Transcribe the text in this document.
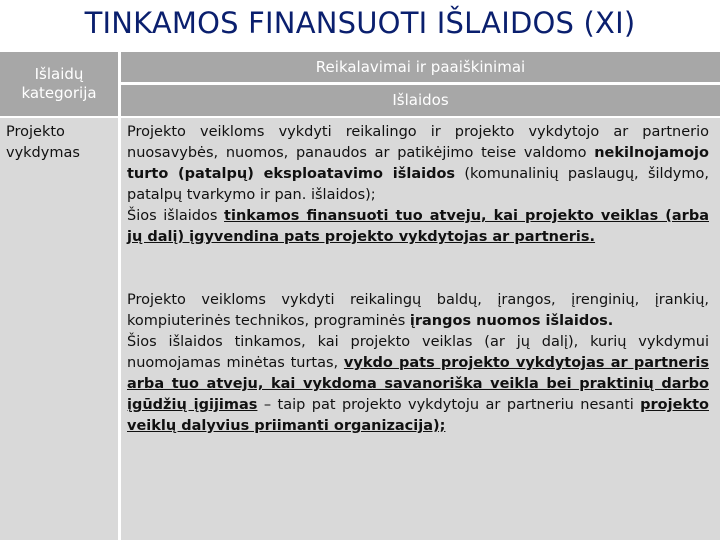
TINKAMOS FINANSUOTI IŠLAIDOS (XI)
Išlaidų
kategorija
Reikalavimai ir paaiškinimai
Išlaidos
Projekto vykdymas
Projekto veikloms vykdyti reikalingo ir projekto vykdytojo ar partnerio nuosavybės, nuomos, panaudos ar patikėjimo teise valdomo nekilnojamojo turto (patalpų) eksploatavimo išlaidos (komunalinių paslaugų, šildymo, patalpų tvarkymo ir pan. išlaidos);
Šios išlaidos tinkamos finansuoti tuo atveju, kai projekto veiklas (arba jų dalį) įgyvendina pats projekto vykdytojas ar partneris.
Projekto veikloms vykdyti reikalingų baldų, įrangos, įrenginių, įrankių, kompiuterinės technikos, programinės įrangos nuomos išlaidos.
Šios išlaidos tinkamos, kai projekto veiklas (ar jų dalį), kurių vykdymui nuomojamas minėtas turtas, vykdo pats projekto vykdytojas ar partneris arba tuo atveju, kai vykdoma savanoriška veikla bei praktinių darbo įgūdžių įgijimas – taip pat projekto vykdytoju ar partneriu nesanti projekto veiklų dalyvius priimanti organizacija);
